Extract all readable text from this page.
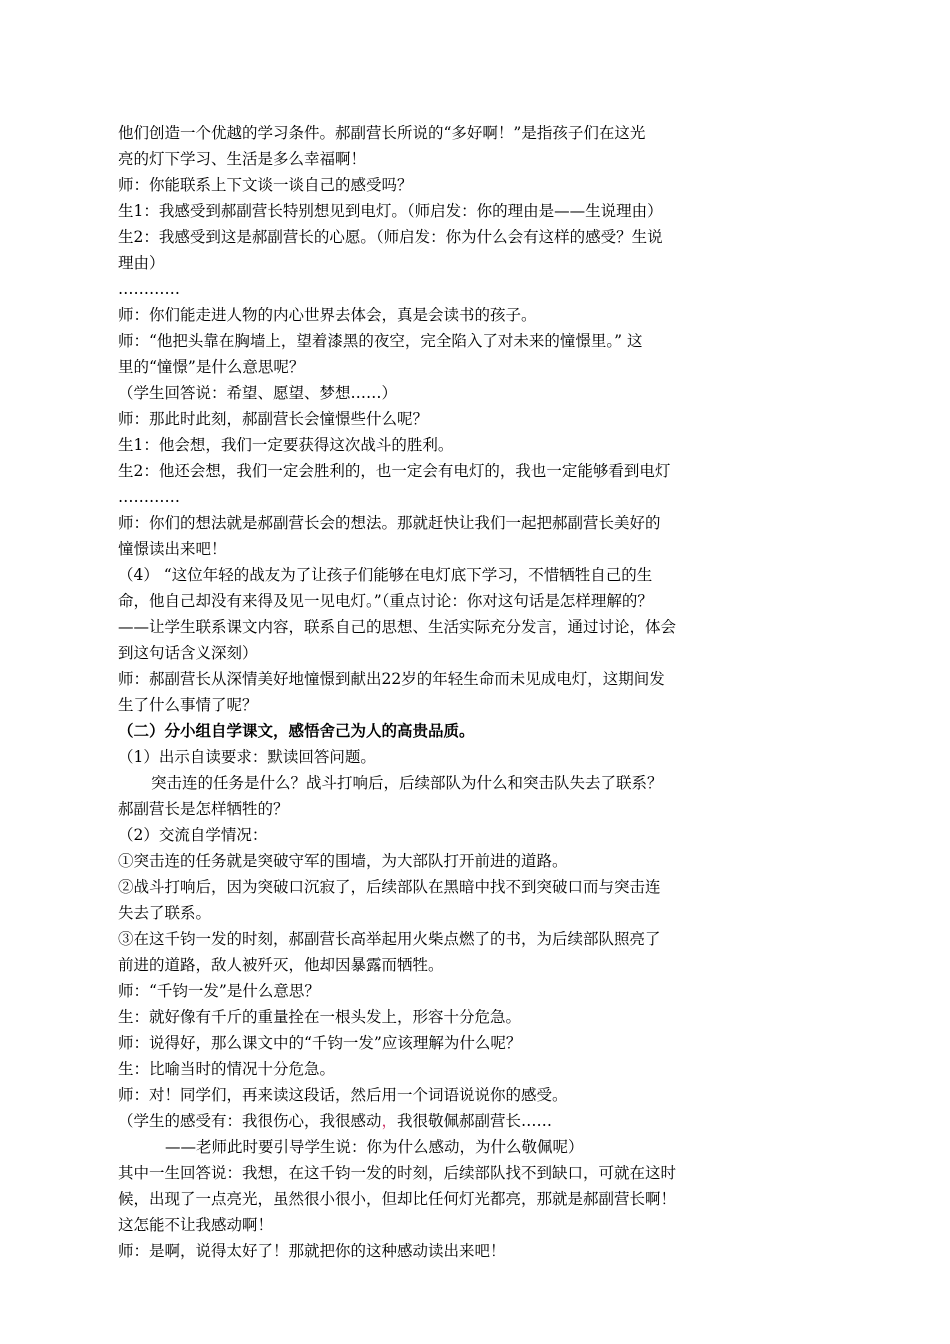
他们创造一个优越的学习条件。郝副营长所说的“多好啊！”是指孩子们在这光
亮的灯下学习、生活是多么幸福啊！
师：你能联系上下文谈一谈自己的感受吗？
生1：我感受到郝副营长特别想见到电灯。（师启发：你的理由是——生说理由）
生2：我感受到这是郝副营长的心愿。（师启发：你为什么会有这样的感受？生说
理由）
…………
师：你们能走进人物的内心世界去体会，真是会读书的孩子。
师：“他把头靠在胸墙上，望着漆黑的夜空，完全陷入了对未来的憧憬里。” 这
里的“憧憬”是什么意思呢？
（学生回答说：希望、愿望、梦想……）
师：那此时此刻，郝副营长会憧憬些什么呢？
生1：他会想，我们一定要获得这次战斗的胜利。
生2：他还会想，我们一定会胜利的，也一定会有电灯的，我也一定能够看到电灯
…………
师：你们的想法就是郝副营长会的想法。那就赶快让我们一起把郝副营长美好的
憧憬读出来吧！
（4） “这位年轻的战友为了让孩子们能够在电灯底下学习，不惜牺牲自己的生
命，他自己却没有来得及见一见电灯。”（重点讨论：你对这句话是怎样理解的？
——让学生联系课文内容，联系自己的思想、生活实际充分发言，通过讨论，体会
到这句话含义深刻）
师：郝副营长从深情美好地憧憬到献出22岁的年轻生命而未见成电灯，这期间发
生了什么事情了呢？
（二）分小组自学课文，感悟舍己为人的高贵品质。
（1）出示自读要求：默读回答问题。
突击连的任务是什么？战斗打响后，后续部队为什么和突击队失去了联系？
郝副营长是怎样牺牲的？
（2）交流自学情况：
①突击连的任务就是突破守军的围墙，为大部队打开前进的道路。
②战斗打响后，因为突破口沉寂了，后续部队在黑暗中找不到突破口而与突击连
失去了联系。
③在这千钧一发的时刻，郝副营长高举起用火柴点燃了的书，为后续部队照亮了
前进的道路，敌人被歼灭，他却因暴露而牺牲。
师：“千钧一发”是什么意思？
生：就好像有千斤的重量拴在一根头发上，形容十分危急。
师：说得好，那么课文中的“千钧一发”应该理解为什么呢？
生：比喻当时的情况十分危急。
师：对！同学们，再来读这段话，然后用一个词语说说你的感受。
（学生的感受有：我很伤心，我很感动，我很敬佩郝副营长……
——老师此时要引导学生说：你为什么感动，为什么敬佩呢）
其中一生回答说：我想，在这千钧一发的时刻，后续部队找不到缺口，可就在这时
候，出现了一点亮光，虽然很小很小，但却比任何灯光都亮，那就是郝副营长啊！
这怎能不让我感动啊！
师：是啊，说得太好了！那就把你的这种感动读出来吧！
